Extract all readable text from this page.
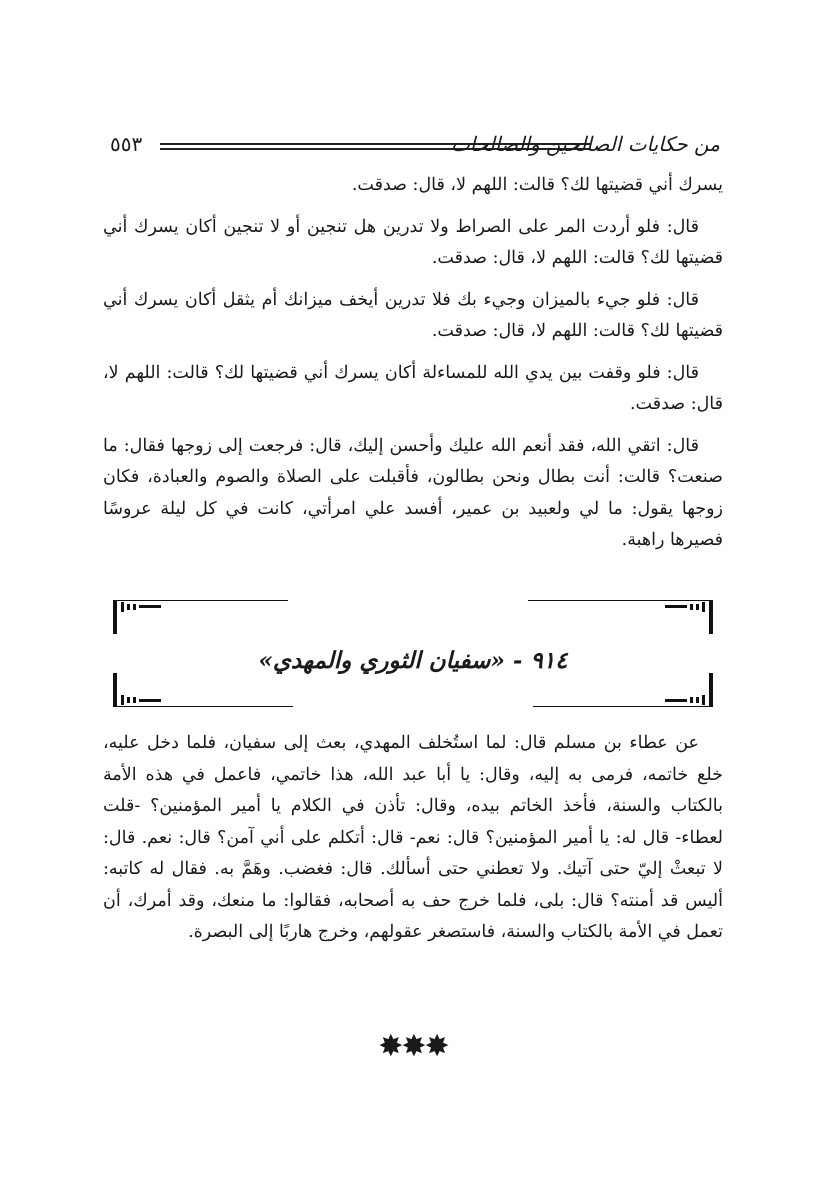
٥٥٣	من حكايات الصالحين والصالحات

يسرك أني قضيتها لك؟ قالت: اللهم لا، قال: صدقت.

قال: فلو أردت المر على الصراط ولا تدرين هل تنجين أو لا تنجين أكان يسرك أني قضيتها لك؟ قالت: اللهم لا، قال: صدقت.

قال: فلو جيء بالميزان وجيء بك فلا تدرين أيخف ميزانك أم يثقل أكان يسرك أني قضيتها لك؟ قالت: اللهم لا، قال: صدقت.

قال: فلو وقفت بين يدي الله للمساءلة أكان يسرك أني قضيتها لك؟ قالت: اللهم لا، قال: صدقت.

قال: اتقي الله، فقد أنعم الله عليك وأحسن إليك، قال: فرجعت إلى زوجها فقال: ما صنعت؟ قالت: أنت بطال ونحن بطالون، فأقبلت على الصلاة والصوم والعبادة، فكان زوجها يقول: ما لي ولعبيد بن عمير، أفسد علي امرأتي، كانت في كل ليلة عروسًا فصيرها راهبة.

٩١٤ - «سفيان الثوري والمهدي»

عن عطاء بن مسلم قال: لما استُخلف المهدي، بعث إلى سفيان، فلما دخل عليه، خلع خاتمه، فرمى به إليه، وقال: يا أبا عبد الله، هذا خاتمي، فاعمل في هذه الأمة بالكتاب والسنة، فأخذ الخاتم بيده، وقال: تأذن في الكلام يا أمير المؤمنين؟ -قلت لعطاء- قال له: يا أمير المؤمنين؟ قال: نعم- قال: أتكلم على أني آمن؟ قال: نعم. قال: لا تبعثْ إليّ حتى آتيك. ولا تعطني حتى أسألك. قال: فغضب. وهَمَّ به. فقال له كاتبه: أليس قد أمنته؟ قال: بلى، فلما خرج حف به أصحابه، فقالوا: ما منعك، وقد أمرك، أن تعمل في الأمة بالكتاب والسنة، فاستصغر عقولهم، وخرج هاربًا إلى البصرة.

✸✸✸
